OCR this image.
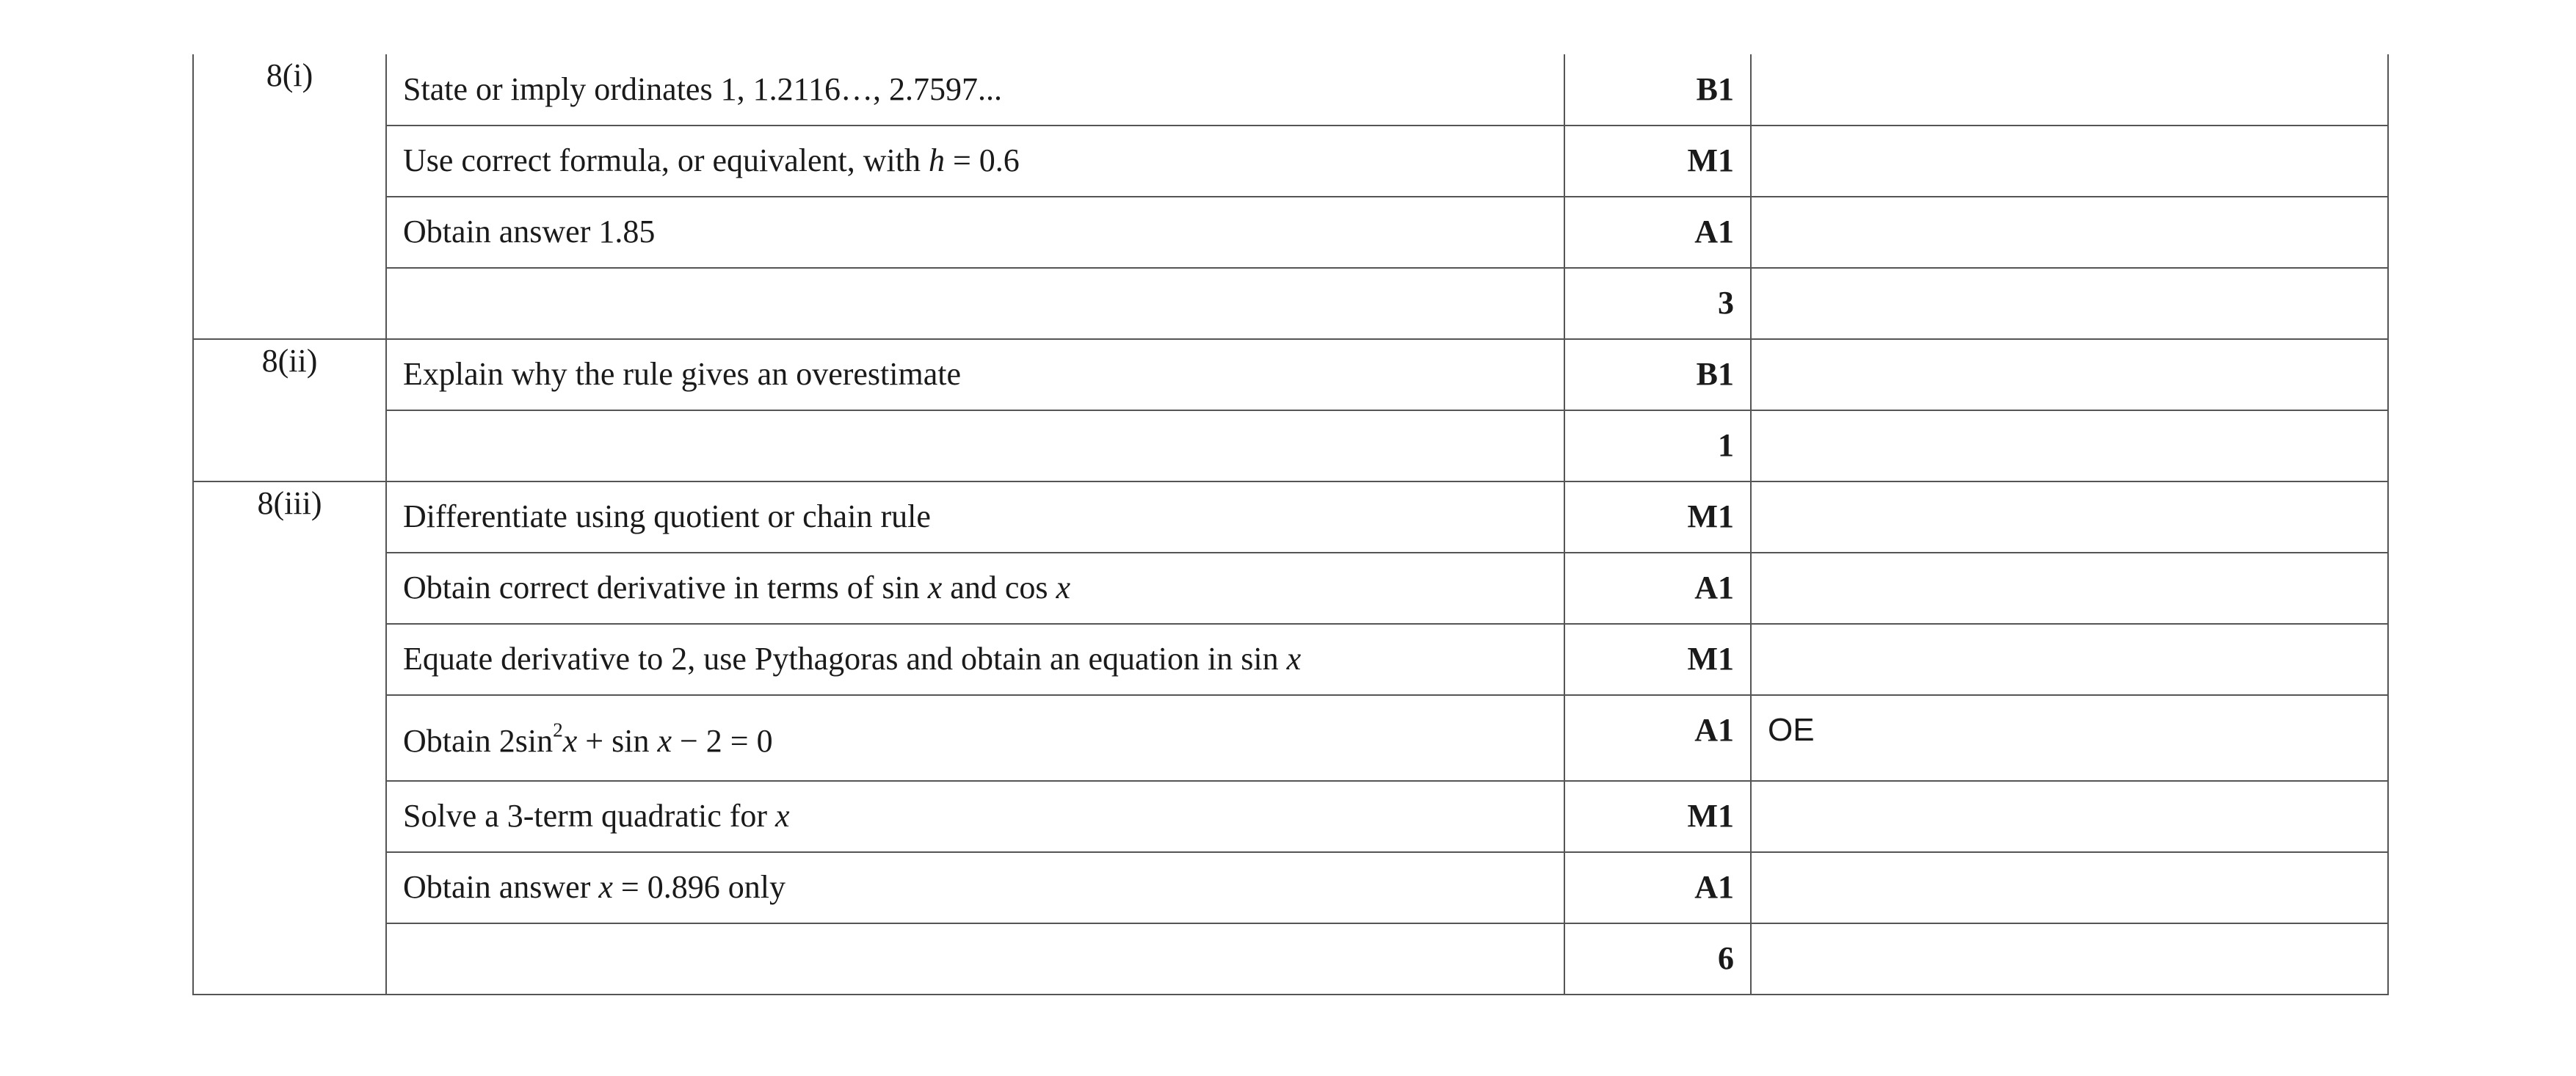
8(i)	State or imply ordinates 1, 1.2116…, 2.7597...	B1	
	Use correct formula, or equivalent, with h = 0.6	M1	
	Obtain answer 1.85	A1	
		3	
8(ii)	Explain why the rule gives an overestimate	B1	
		1	
8(iii)	Differentiate using quotient or chain rule	M1	
	Obtain correct derivative in terms of sin x and cos x	A1	
	Equate derivative to 2, use Pythagoras and obtain an equation in sin x	M1	
	Obtain $2\sin^2x + \sin x - 2 = 0$	A1	OE
	Solve a 3-term quadratic for x	M1	
	Obtain answer x = 0.896 only	A1	
		6	
